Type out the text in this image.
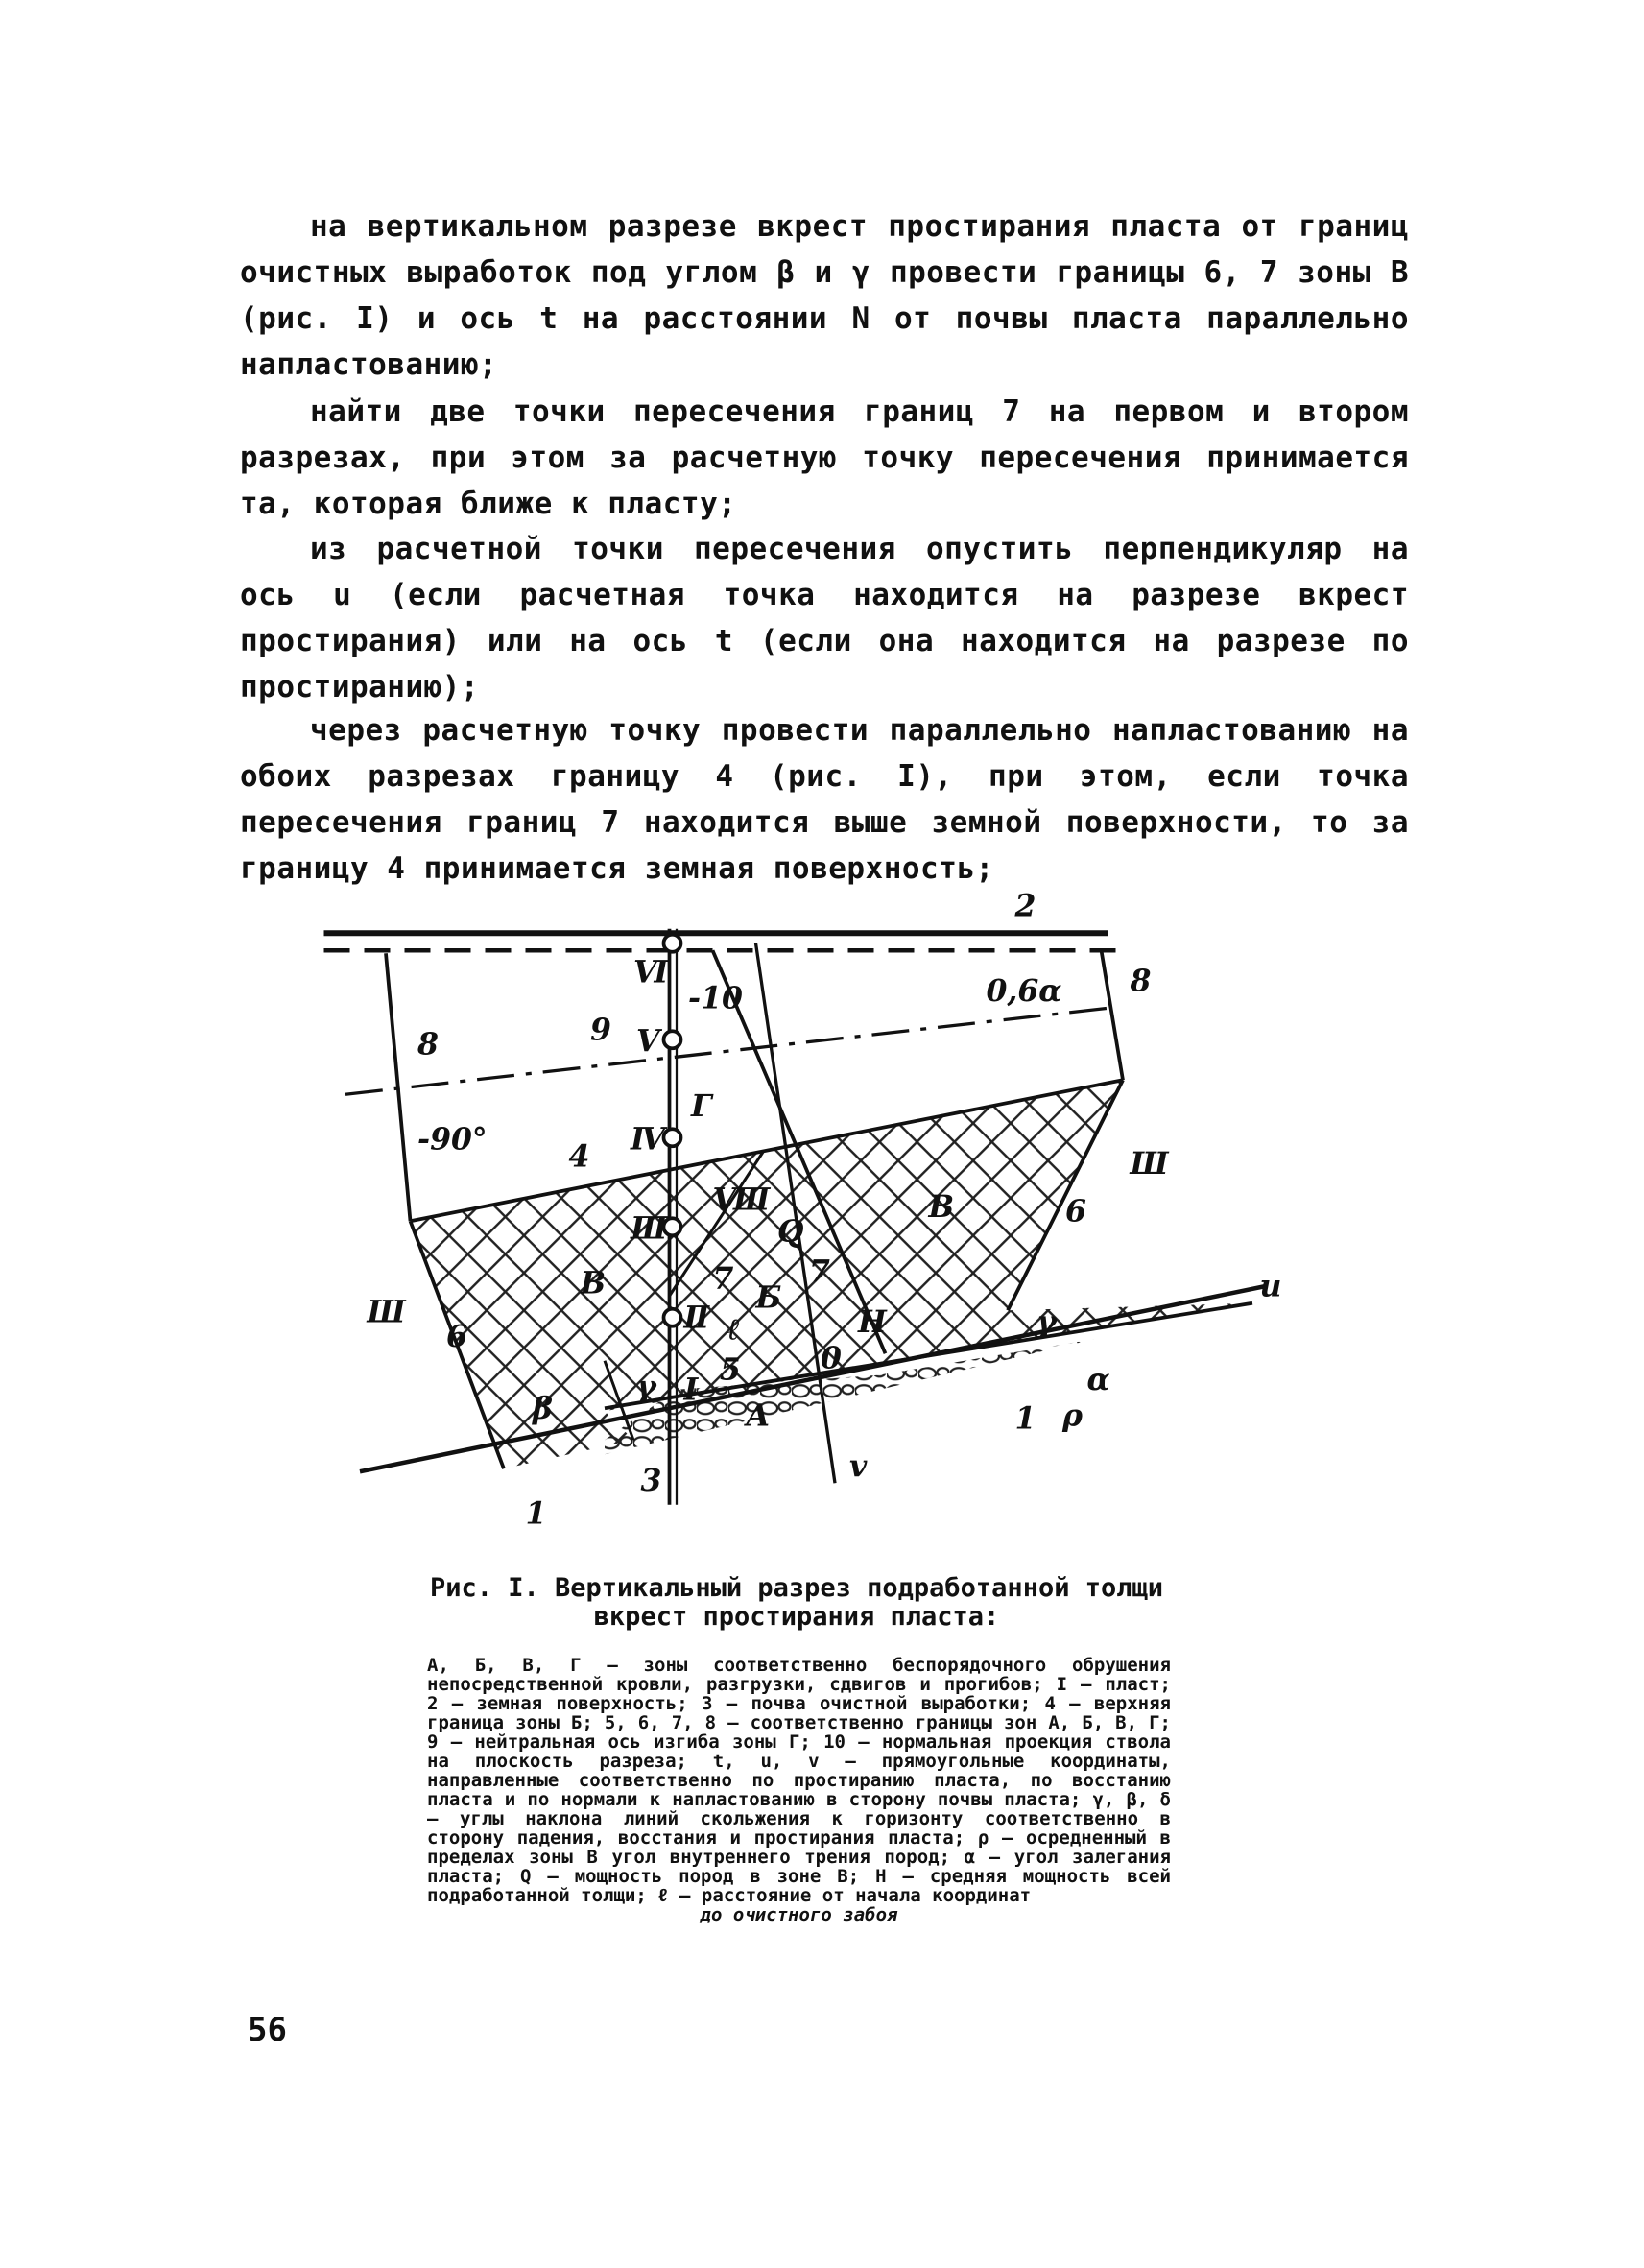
на вертикальном разрезе вкрест простирания пласта от границ очистных выработок под углом β и γ провести границы 6, 7 зоны В (рис. I) и ось t на расстоянии N от почвы пласта параллельно напластованию;
найти две точки пересечения границ 7 на первом и втором разрезах, при этом за расчетную точку пересечения принимается та, которая ближе к пласту;
из расчетной точки пересечения опустить перпендикуляр на ось u (если расчетная точка находится на разрезе вкрест простирания) или на ось t (если она находится на разрезе по простиранию);
через расчетную точку провести параллельно напластованию на обоих разрезах границу 4 (рис. I), при этом, если точка пересечения границ 7 находится выше земной поверхности, то за границу 4 принимается земная поверхность;
2
8
0,6α
8	9
-10
Г
-90°	4
Ⅵ
Ⅴ
Ⅳ
Ⅲ
Ⅱ
Ⅰ
Ⅷ	В	6
Ш
Ш
6
В	7
Q
7
Б
ℓ
5	0
Н	γ
u
А
γ
β	1 ρ
α
1
3	v
Рис. I. Вертикальный разрез подработанной толщи вкрест простирания пласта:
А, Б, В, Г – зоны соответственно беспорядочного обрушения непосредственной кровли, разгрузки, сдвигов и прогибов; I – пласт; 2 – земная поверхность; 3 – почва очистной выработки; 4 – верхняя граница зоны Б; 5, 6, 7, 8 – соответственно границы зон А, Б, В, Г; 9 – нейтральная ось изгиба зоны Г; 10 – нормальная проекция ствола на плоскость разреза; t, u, v – прямоугольные координаты, направленные соответственно по простиранию пласта, по восстанию пласта и по нормали к напластованию в сторону почвы пласта; γ, β, δ – углы наклона линий скольжения к горизонту соответственно в сторону падения, восстания и простирания пласта; ρ – осредненный в пределах зоны В угол внутреннего трения пород; α – угол залегания пласта; Q – мощность пород в зоне В; H – средняя мощность всей подработанной толщи; ℓ – расстояние от начала координат
до очистного забоя
56
